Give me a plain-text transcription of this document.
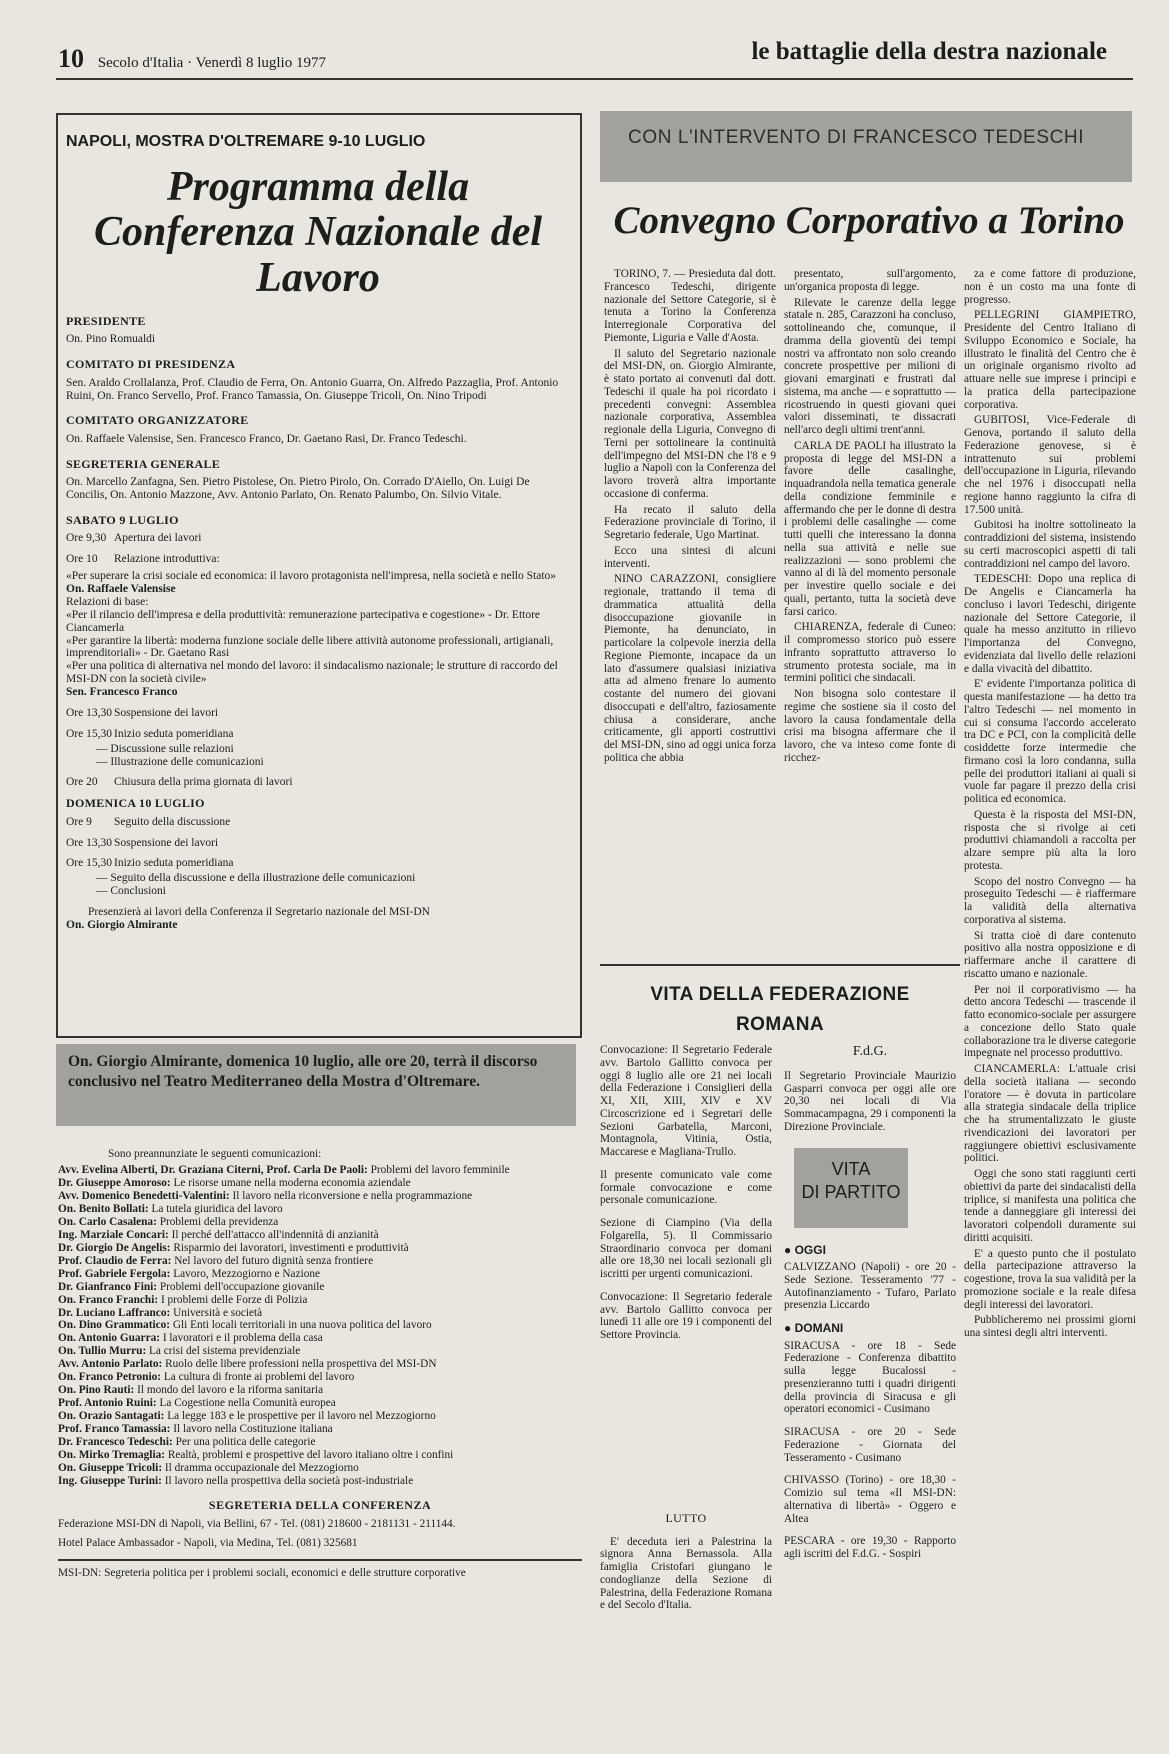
10 Secolo d'Italia · Venerdì 8 luglio 1977	le battaglie della destra nazionale
NAPOLI, MOSTRA D'OLTREMARE 9-10 LUGLIO
Programma della Conferenza Nazionale del Lavoro
PRESIDENTE
On. Pino Romualdi
COMITATO DI PRESIDENZA
Sen. Araldo Crollalanza, Prof. Claudio de Ferra, On. Antonio Guarra, On. Alfredo Pazzaglia, Prof. Antonio Ruini, On. Franco Servello, Prof. Franco Tamassia, On. Giuseppe Tricoli, On. Nino Tripodi
COMITATO ORGANIZZATORE
On. Raffaele Valensise, Sen. Francesco Franco, Dr. Gaetano Rasi, Dr. Franco Tedeschi.
SEGRETERIA GENERALE
On. Marcello Zanfagna, Sen. Pietro Pistolese, On. Pietro Pirolo, On. Corrado D'Aiello, On. Luigi De Concilis, On. Antonio Mazzone, Avv. Antonio Parlato, On. Renato Palumbo, On. Silvio Vitale.
SABATO 9 LUGLIO
Ore 9,30 Apertura dei lavori
Ore 10	Relazione introduttiva:
«Per superare la crisi sociale ed economica: il lavoro protagonista nell'impresa, nella società e nello Stato»
On. Raffaele Valensise
Relazioni di base:
«Per il rilancio dell'impresa e della produttività: remunerazione partecipativa e cogestione» - Dr. Ettore Ciancamerla
«Per garantire la libertà: moderna funzione sociale delle libere attività autonome professionali, artigianali, imprenditoriali» - Dr. Gaetano Rasi
«Per una politica di alternativa nel mondo del lavoro: il sindacalismo nazionale; le strutture di raccordo del MSI-DN con la società civile»
Sen. Francesco Franco
Ore 13,30 Sospensione dei lavori
Ore 15,30 Inizio seduta pomeridiana
— Discussione sulle relazioni
— Illustrazione delle comunicazioni
Ore 20	Chiusura della prima giornata di lavori
DOMENICA 10 LUGLIO
Ore 9	Seguito della discussione
Ore 13,30 Sospensione dei lavori
Ore 15,30 Inizio seduta pomeridiana
— Seguito della discussione e della illustrazione delle comunicazioni
— Conclusioni
Presenzierà ai lavori della Conferenza il Segretario nazionale del MSI-DN
On. Giorgio Almirante
On. Giorgio Almirante, domenica 10 luglio, alle ore 20, terrà il discorso conclusivo nel Teatro Mediterraneo della Mostra d'Oltremare.
Sono preannunziate le seguenti comunicazioni:
Avv. Evelina Alberti, Dr. Graziana Citerni, Prof. Carla De Paoli: Problemi del lavoro femminile
Dr. Giuseppe Amoroso: Le risorse umane nella moderna economia aziendale
Avv. Domenico Benedetti-Valentini: Il lavoro nella riconversione e nella programmazione
On. Benito Bollati: La tutela giuridica del lavoro
On. Carlo Casalena: Problemi della previdenza
Ing. Marziale Concari: Il perché dell'attacco all'indennità di anzianità
Dr. Giorgio De Angelis: Risparmio dei lavoratori, investimenti e produttività
Prof. Claudio de Ferra: Nel lavoro del futuro dignità senza frontiere
Prof. Gabriele Fergola: Lavoro, Mezzogiorno e Nazione
Dr. Gianfranco Fini: Problemi dell'occupazione giovanile
On. Franco Franchi: I problemi delle Forze di Polizia
Dr. Luciano Laffranco: Università e società
On. Dino Grammatico: Gli Enti locali territoriali in una nuova politica del lavoro
On. Antonio Guarra: I lavoratori e il problema della casa
On. Tullio Murru: La crisi del sistema previdenziale
Avv. Antonio Parlato: Ruolo delle libere professioni nella prospettiva del MSI-DN
On. Franco Petronio: La cultura di fronte ai problemi del lavoro
On. Pino Rauti: Il mondo del lavoro e la riforma sanitaria
Prof. Antonio Ruini: La Cogestione nella Comunità europea
On. Orazio Santagati: La legge 183 e le prospettive per il lavoro nel Mezzogiorno
Prof. Franco Tamassia: Il lavoro nella Costituzione italiana
Dr. Francesco Tedeschi: Per una politica delle categorie
On. Mirko Tremaglia: Realtà, problemi e prospettive del lavoro italiano oltre i confini
On. Giuseppe Tricoli: Il dramma occupazionale del Mezzogiorno
Ing. Giuseppe Turini: Il lavoro nella prospettiva della società post-industriale
SEGRETERIA DELLA CONFERENZA
Federazione MSI-DN di Napoli, via Bellini, 67 - Tel. (081) 218600 - 2181131 - 211144.
Hotel Palace Ambassador - Napoli, via Medina, Tel. (081) 325681
MSI-DN: Segreteria politica per i problemi sociali, economici e delle strutture corporative
CON L'INTERVENTO DI FRANCESCO TEDESCHI
Convegno Corporativo a Torino

TORINO, 7. — Presieduta dal dott. Francesco Tedeschi, dirigente nazionale del Settore Categorie, si è tenuta a Torino la Conferenza Interregionale Corporativa del Piemonte, Liguria e Valle d'Aosta.

Il saluto del Segretario nazionale del MSI-DN, on. Giorgio Almirante, è stato portato ai convenuti dal dott. Tedeschi il quale ha poi ricordato i precedenti convegni: Assemblea nazionale corporativa, Assemblea regionale della Liguria, Convegno di Terni per sottolineare la continuità dell'impegno del MSI-DN che l'8 e 9 luglio a Napoli con la Conferenza del lavoro troverà altra importante occasione di conferma.

Ha recato il saluto della Federazione provinciale di Torino, il Segretario federale, Ugo Martinat.

Ecco una sintesi di alcuni interventi.

NINO CARAZZONI, consigliere regionale, trattando il tema di drammatica attualità della disoccupazione giovanile in Piemonte, ha denunciato, in particolare la colpevole inerzia della Regione Piemonte, incapace da un lato d'assumere qualsiasi iniziativa atta ad almeno frenare lo aumento costante del numero dei giovani disoccupati e dell'altro, faziosamente chiusa a considerare, anche criticamente, gli apporti costruttivi del MSI-DN, sino ad oggi unica forza politica che abbia

presentato, sull'argomento, un'organica proposta di legge.

Rilevate le carenze della legge statale n. 285, Carazzoni ha concluso, sottolineando che, comunque, il dramma della gioventù dei tempi nostri va affrontato non solo creando concrete prospettive per milioni di giovani emarginati e frustrati dal sistema, ma anche — e soprattutto — ricostruendo in questi giovani quei valori disseminati, te dissacrati nell'arco degli ultimi trent'anni.

CARLA DE PAOLI ha illustrato la proposta di legge del MSI-DN a favore delle casalinghe, inquadrandola nella tematica generale della condizione femminile e affermando che per le donne di destra i problemi delle casalinghe — come tutti quelli che interessano la donna nella sua attività e nelle sue realizzazioni — sono problemi che vanno al di là del momento personale per investire quello sociale e dei quali, pertanto, tutta la società deve farsi carico.

CHIARENZA, federale di Cuneo: il compromesso storico può essere infranto soprattutto attraverso lo strumento protesta sociale, ma in termini politici che sindacali.

Non bisogna solo contestare il regime che sostiene sia il costo del lavoro la causa fondamentale della crisi ma bisogna affermare che il lavoro, che va inteso come fonte di ricchez-

za e come fattore di produzione, non è un costo ma una fonte di progresso.

PELLEGRINI GIAMPIETRO, Presidente del Centro Italiano di Sviluppo Economico e Sociale, ha illustrato le finalità del Centro che è un originale organismo rivolto ad attuare nelle sue imprese i principi e la pratica della partecipazione corporativa.

GUBITOSI, Vice-Federale di Genova, portando il saluto della Federazione genovese, si è intrattenuto sui problemi dell'occupazione in Liguria, rilevando che nel 1976 i disoccupati nella regione hanno raggiunto la cifra di 17.500 unità.

Gubitosi ha inoltre sottolineato la contraddizioni del sistema, insistendo su certi macroscopici aspetti di tali contraddizioni nel campo del lavoro.

TEDESCHI: Dopo una replica di De Angelis e Ciancamerla ha concluso i lavori Tedeschi, dirigente nazionale del Settore Categorie, il quale ha messo anzitutto in rilievo l'importanza del Convegno, evidenziata dal livello delle relazioni e dalla vivacità del dibattito.

E' evidente l'importanza politica di questa manifestazione — ha detto tra l'altro Tedeschi — nel momento in cui si consuma l'accordo accelerato tra DC e PCI, con la complicità delle cosiddette forze intermedie che firmano così la loro condanna, sulla pelle dei produttori italiani ai quali si vuole far pagare il prezzo della crisi politica ed economica.

Questa è la risposta del MSI-DN, risposta che si rivolge ai ceti produttivi chiamandoli a raccolta per alzare sempre più alta la loro protesta.

Scopo del nostro Convegno — ha proseguito Tedeschi — è riaffermare la validità della alternativa corporativa al sistema.

Si tratta cioè di dare contenuto positivo alla nostra opposizione e di riaffermare anche il carattere di riscatto umano e nazionale.

Per noi il corporativismo — ha detto ancora Tedeschi — trascende il fatto economico-sociale per assurgere a concezione dello Stato quale collaborazione tra le diverse categorie impegnate nel processo produttivo.

CIANCAMERLA: L'attuale crisi della società italiana — secondo l'oratore — è dovuta in particolare alla strategia sindacale della triplice che ha strumentalizzato le giuste rivendicazioni dei lavoratori per raggiungere obiettivi esclusivamente politici.

Oggi che sono stati raggiunti certi obiettivi da parte dei sindacalisti della triplice, si manifesta una politica che tende a danneggiare gli interessi dei lavoratori colpendoli duramente sui diritti acquisiti.

E' a questo punto che il postulato della partecipazione attraverso la cogestione, trova la sua validità per la promozione sociale e la reale difesa degli interessi dei lavoratori.

Pubblicheremo nei prossimi giorni una sintesi degli altri interventi.

VITA DELLA FEDERAZIONE
ROMANA

Convocazione: Il Segretario Federale avv. Bartolo Gallitto convoca per oggi 8 luglio alle ore 21 nei locali della Federazione i Consiglieri della XI, XII, XIII, XIV e XV Circoscrizione ed i Segretari delle Sezioni Garbatella, Marconi, Montagnola, Vitinia, Ostia, Maccarese e Magliana-Trullo.

Il presente comunicato vale come formale convocazione e come personale comunicazione.

Sezione di Ciampino (Via della Folgarella, 5). Il Commissario Straordinario convoca per domani alle ore 18,30 nei locali sezionali gli iscritti per urgenti comunicazioni.

Convocazione: Il Segretario federale avv. Bartolo Gallitto convoca per lunedì 11 alle ore 19 i componenti del Settore Provincia.

F.d.G.

Il Segretario Provinciale Maurizio Gasparri convoca per oggi alle ore 20,30 nei locali di Via Sommacampagna, 29 i componenti la Direzione Provinciale.

VITA
DI PARTITO
● OGGI

CALVIZZANO (Napoli) - ore 20 - Sede Sezione. Tesseramento '77 - Autofinanziamento - Tufaro, Parlato presenzia Liccardo

● DOMANI

SIRACUSA - ore 18 - Sede Federazione - Conferenza dibattito sulla legge Bucalossi - presenzieranno tutti i quadri dirigenti della provincia di Siracusa e gli operatori economici - Cusimano

SIRACUSA - ore 20 - Sede Federazione - Giornata del Tesseramento - Cusimano

CHIVASSO (Torino) - ore 18,30 - Comizio sul tema «Il MSI-DN: alternativa di libertà» - Oggero e Altea

PESCARA - ore 19,30 - Rapporto agli iscritti del F.d.G. - Sospiri

LUTTO

E' deceduta ieri a Palestrina la signora Anna Bernassola. Alla famiglia Cristofari giungano le condoglianze della Sezione di Palestrina, della Federazione Romana e del Secolo d'Italia.
